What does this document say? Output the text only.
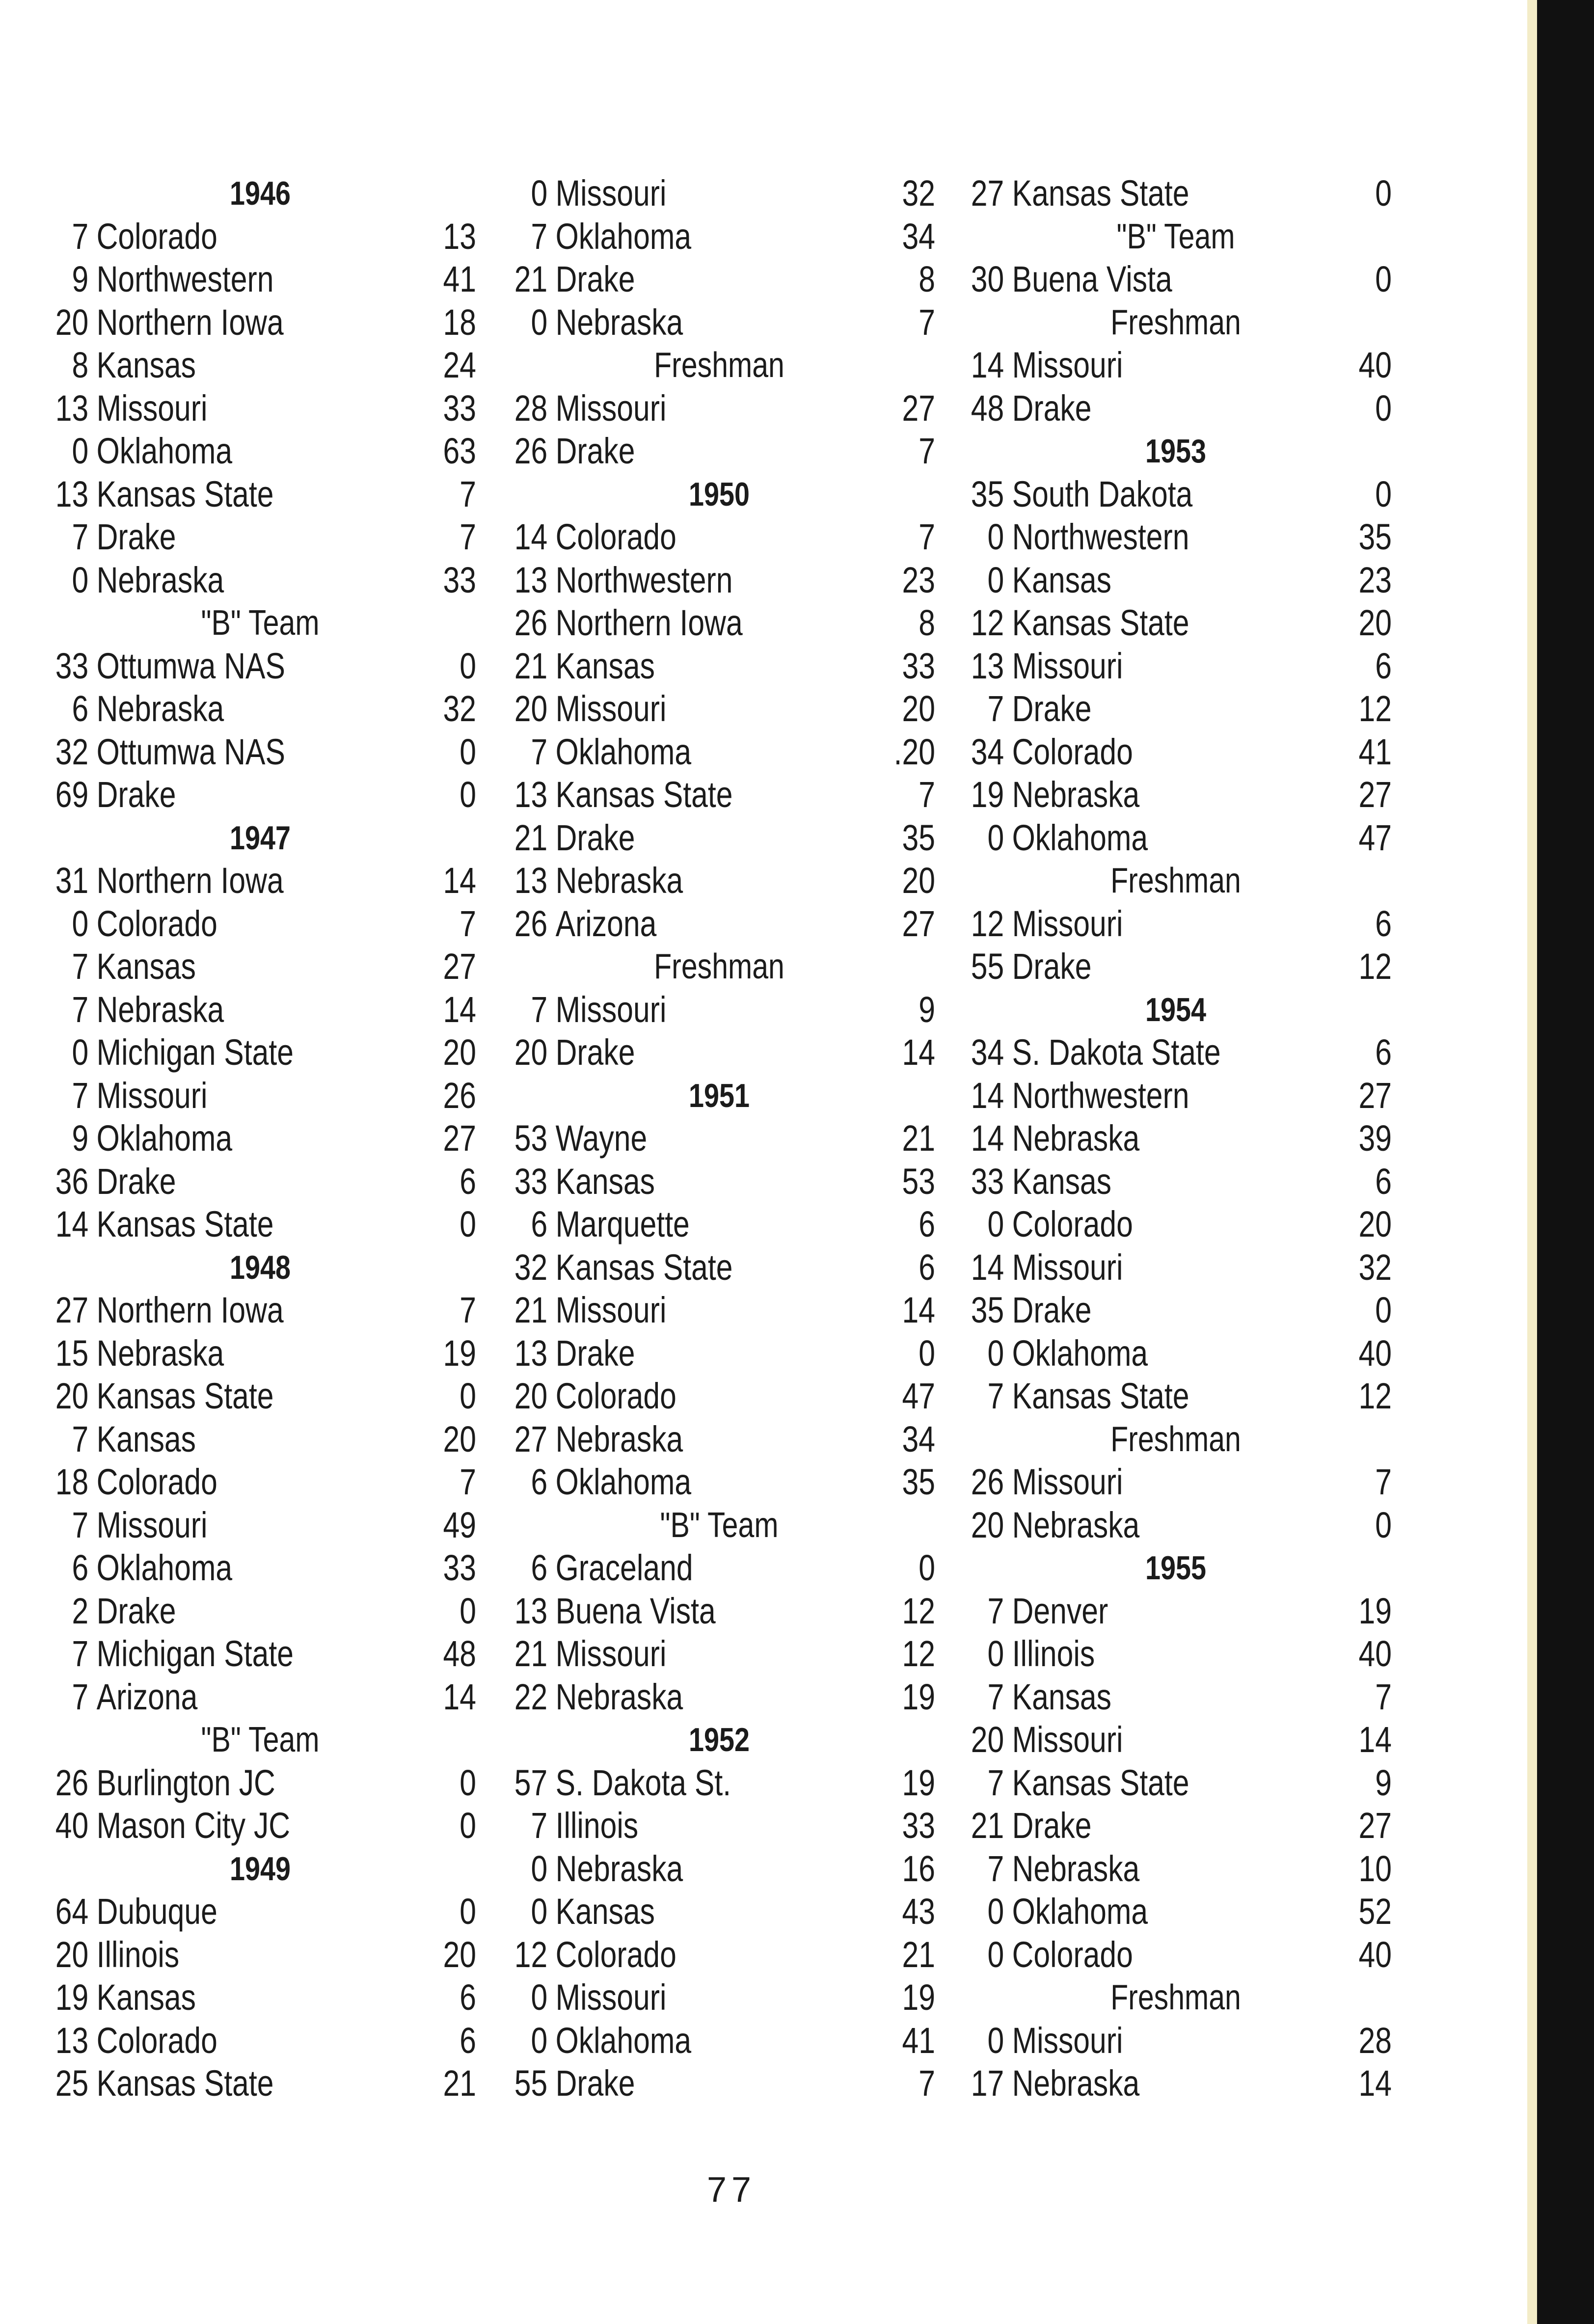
1946
7 Colorado	13
9 Northwestern	41
20 Northern Iowa	18
8 Kansas	24
13 Missouri	33
0 Oklahoma	63
13 Kansas State	7
7 Drake	7
0 Nebraska	33
"B" Team
33 Ottumwa NAS	0
6 Nebraska	32
32 Ottumwa NAS	0
69 Drake	0
1947
31 Northern Iowa	14
0 Colorado	7
7 Kansas	27
7 Nebraska	14
0 Michigan State	20
7 Missouri	26
9 Oklahoma	27
36 Drake	6
14 Kansas State	0
1948
27 Northern Iowa	7
15 Nebraska	19
20 Kansas State	0
7 Kansas	20
18 Colorado	7
7 Missouri	49
6 Oklahoma	33
2 Drake	0
7 Michigan State	48
7 Arizona	14
"B" Team
26 Burlington JC	0
40 Mason City JC	0
1949
64 Dubuque	0
20 Illinois	20
19 Kansas	6
13 Colorado	6
25 Kansas State	21
0 Missouri	32
7 Oklahoma	34
21 Drake	8
0 Nebraska	7
Freshman
28 Missouri	27
26 Drake	7
1950
14 Colorado	7
13 Northwestern	23
26 Northern Iowa	8
21 Kansas	33
20 Missouri	20
7 Oklahoma	.20
13 Kansas State	7
21 Drake	35
13 Nebraska	20
26 Arizona	27
Freshman
7 Missouri	9
20 Drake	14
1951
53 Wayne	21
33 Kansas	53
6 Marquette	6
32 Kansas State	6
21 Missouri	14
13 Drake	0
20 Colorado	47
27 Nebraska	34
6 Oklahoma	35
"B" Team
6 Graceland	0
13 Buena Vista	12
21 Missouri	12
22 Nebraska	19
1952
57 S. Dakota St.	19
7 Illinois	33
0 Nebraska	16
0 Kansas	43
12 Colorado	21
0 Missouri	19
0 Oklahoma	41
55 Drake	7
27 Kansas State	0
"B" Team
30 Buena Vista	0
Freshman
14 Missouri	40
48 Drake	0
1953
35 South Dakota	0
0 Northwestern	35
0 Kansas	23
12 Kansas State	20
13 Missouri	6
7 Drake	12
34 Colorado	41
19 Nebraska	27
0 Oklahoma	47
Freshman
12 Missouri	6
55 Drake	12
1954
34 S. Dakota State	6
14 Northwestern	27
14 Nebraska	39
33 Kansas	6
0 Colorado	20
14 Missouri	32
35 Drake	0
0 Oklahoma	40
7 Kansas State	12
Freshman
26 Missouri	7
20 Nebraska	0
1955
7 Denver	19
0 Illinois	40
7 Kansas	7
20 Missouri	14
7 Kansas State	9
21 Drake	27
7 Nebraska	10
0 Oklahoma	52
0 Colorado	40
Freshman
0 Missouri	28
17 Nebraska	14
77
